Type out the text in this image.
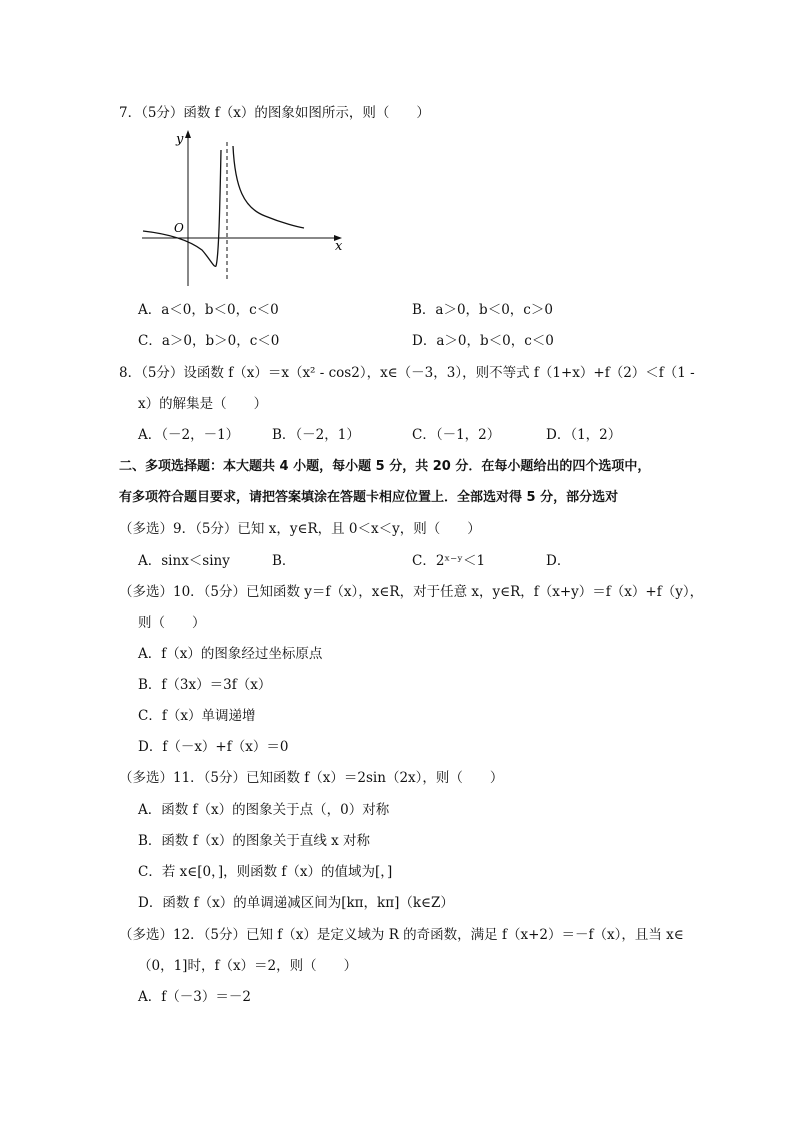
7．（5分）函数 f（x）的图象如图所示，则（　　）
y
O
x
A．a＜0，b＜0，c＜0	B．a＞0，b＜0，c＞0
C．a＞0，b＞0，c＜0	D．a＞0，b＜0，c＜0
8．（5分）设函数 f（x）＝x（x² - cos2），x∈（－3，3），则不等式 f（1+x）+f（2）＜f（1 -
x）的解集是（　　）
A．（－2，－1） B．（－2，1）	C．（－1，2）	D．（1，2）
二、多项选择题：本大题共 4 小题，每小题 5 分，共 20 分．在每小题给出的四个选项中，
有多项符合题目要求，请把答案填涂在答题卡相应位置上．全部选对得 5 分，部分选对
（多选）9．（5分）已知 x，y∈R，且 0＜x＜y，则（　　）
A．sinx＜siny	B．	C．2ˣ⁻ʸ＜1	D．
（多选）10．（5分）已知函数 y＝f（x），x∈R，对于任意 x，y∈R，f（x+y）＝f（x）+f（y），
则（　　）
A．f（x）的图象经过坐标原点
B．f（3x）＝3f（x）
C．f（x）单调递增
D．f（－x）+f（x）＝0
（多选）11．（5分）已知函数 f（x）＝2sin（2x），则（　　）
A．函数 f（x）的图象关于点（，0）对称
B．函数 f（x）的图象关于直线 x 对称
C．若 x∈[0，]，则函数 f（x）的值域为[，]
D．函数 f（x）的单调递减区间为[kπ，kπ]（k∈Z）
（多选）12．（5分）已知 f（x）是定义域为 R 的奇函数，满足 f（x+2）＝－f（x），且当 x∈
（0，1]时，f（x）＝2，则（　　）
A．f（－3）＝－2
